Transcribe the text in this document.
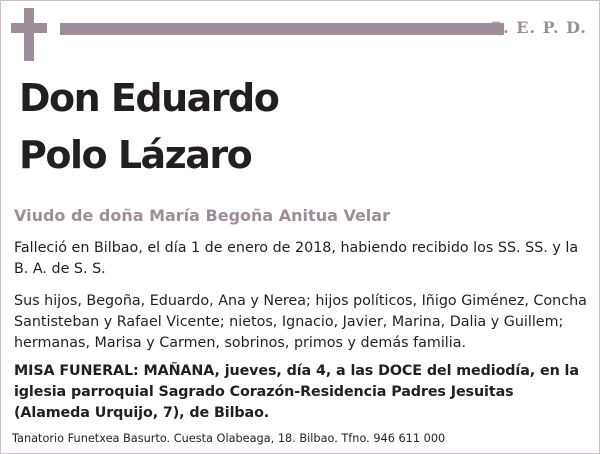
Q. E. P. D.
Don Eduardo
Polo Lázaro
Viudo de doña María Begoña Anitua Velar
Falleció en Bilbao, el día 1 de enero de 2018, habiendo recibido los SS. SS. y la B. A. de S. S.
Sus hijos, Begoña, Eduardo, Ana y Nerea; hijos políticos, Iñigo Giménez, Concha Santisteban y Rafael Vicente; nietos, Ignacio, Javier, Marina, Dalia y Guillem; hermanas, Marisa y Carmen, sobrinos, primos y demás familia.
MISA FUNERAL: MAÑANA, jueves, día 4, a las DOCE del mediodía, en la iglesia parroquial Sagrado Corazón-Residencia Padres Jesuitas (Alameda Urquijo, 7), de Bilbao.
Tanatorio Funetxea Basurto. Cuesta Olabeaga, 18. Bilbao. Tfno. 946 611 000
